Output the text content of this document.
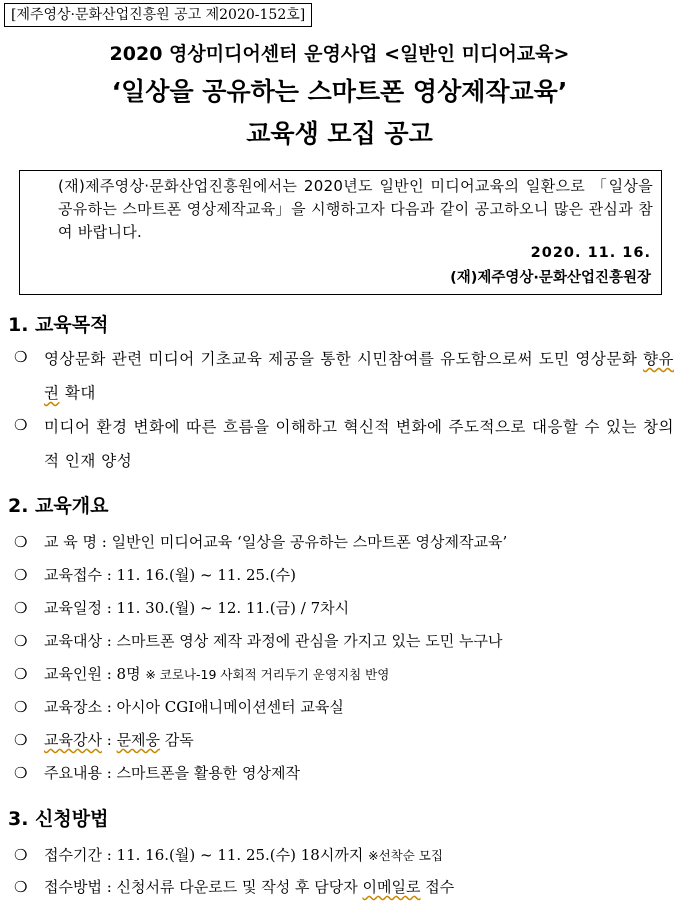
[제주영상·문화산업진흥원 공고 제2020-152호]
2020 영상미디어센터 운영사업 <일반인 미디어교육>
‘일상을 공유하는 스마트폰 영상제작교육’
교육생 모집 공고
(재)제주영상·문화산업진흥원에서는 2020년도 일반인 미디어교육의 일환으로 「일상을 공유하는 스마트폰 영상제작교육」을 시행하고자 다음과 같이 공고하오니 많은 관심과 참여 바랍니다.
2020. 11. 16.
(재)제주영상·문화산업진흥원장
1. 교육목적
❍ 영상문화 관련 미디어 기초교육 제공을 통한 시민참여를 유도함으로써 도민 영상문화 향유권 확대
❍ 미디어 환경 변화에 따른 흐름을 이해하고 혁신적 변화에 주도적으로 대응할 수 있는 창의적 인재 양성
2. 교육개요
❍ 교 육 명 : 일반인 미디어교육 ‘일상을 공유하는 스마트폰 영상제작교육’
❍ 교육접수 : 11. 16.(월) ~ 11. 25.(수)
❍ 교육일정 : 11. 30.(월) ~ 12. 11.(금) / 7차시
❍ 교육대상 : 스마트폰 영상 제작 과정에 관심을 가지고 있는 도민 누구나
❍ 교육인원 : 8명 ※ 코로나-19 사회적 거리두기 운영지침 반영
❍ 교육장소 : 아시아 CGI애니메이션센터 교육실
❍ 교육강사 : 문제웅 감독
❍ 주요내용 : 스마트폰을 활용한 영상제작
3. 신청방법
❍ 접수기간 : 11. 16.(월) ~ 11. 25.(수) 18시까지 ※선착순 모집
❍ 접수방법 : 신청서류 다운로드 및 작성 후 담당자 이메일로 접수
